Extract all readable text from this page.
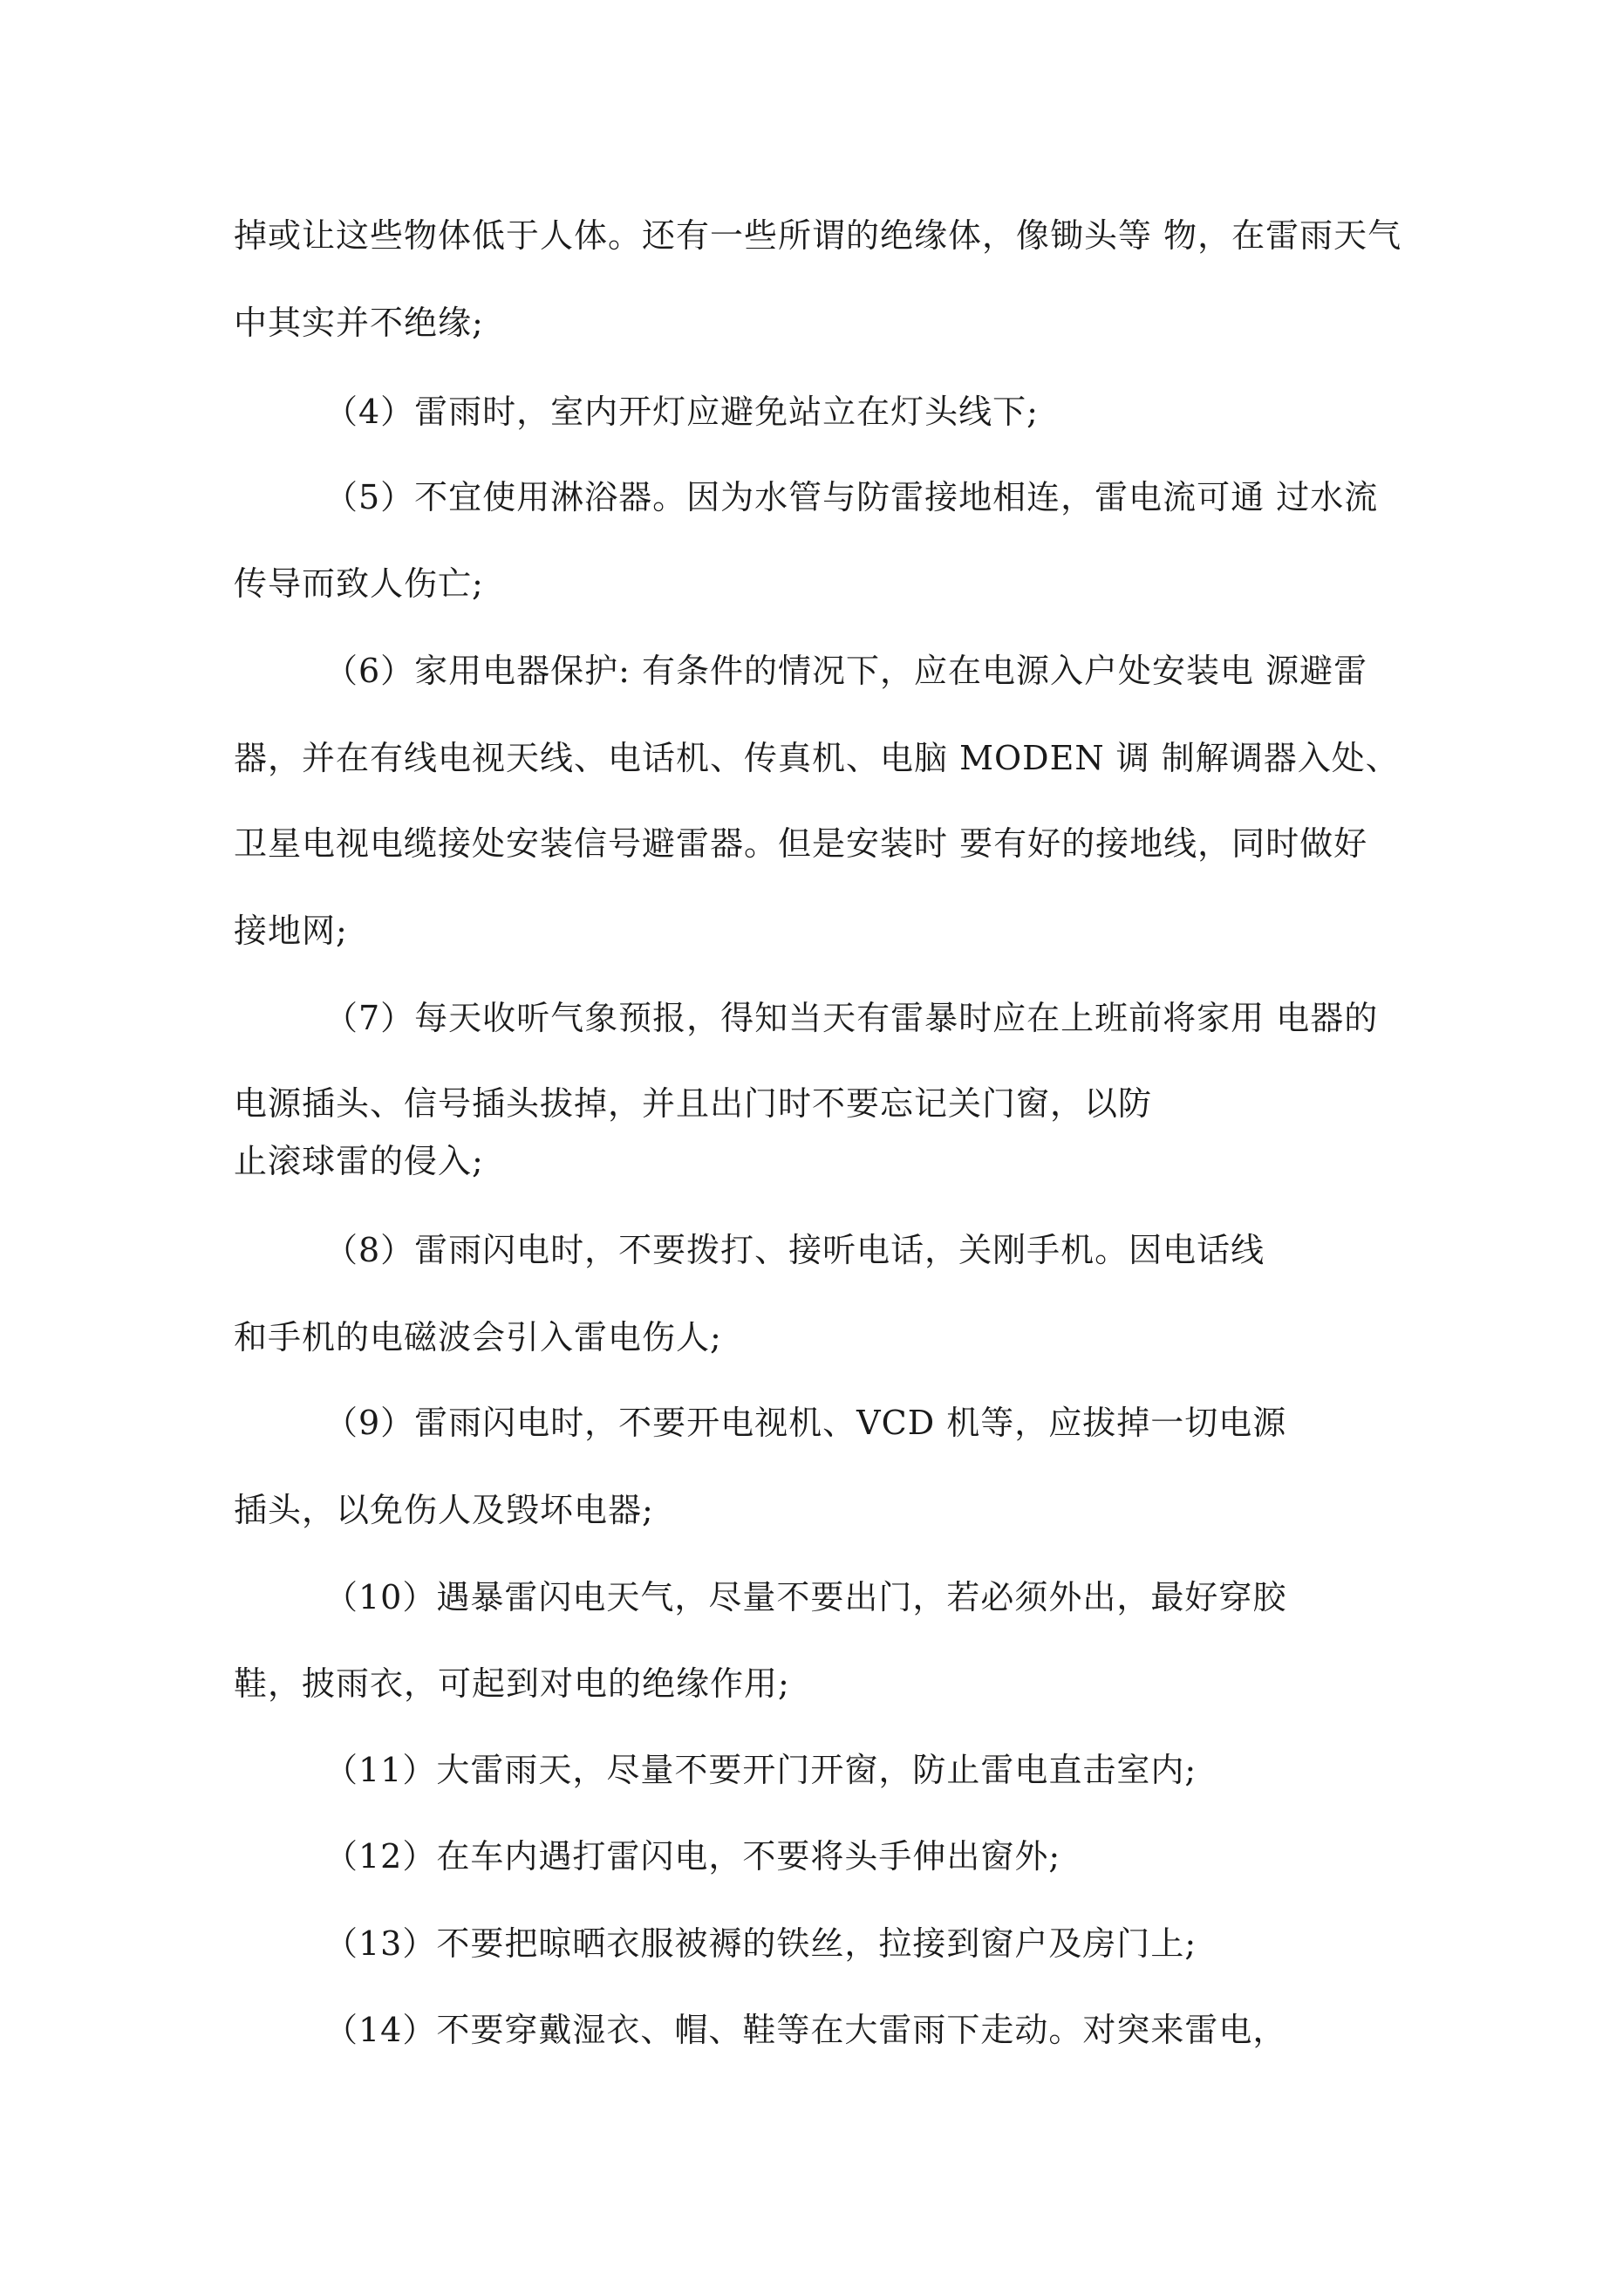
掉或让这些物体低于人体。还有一些所谓的绝缘体，像锄头等 物，在雷雨天气
中其实并不绝缘;
（4）雷雨时，室内开灯应避免站立在灯头线下;
（5）不宜使用淋浴器。因为水管与防雷接地相连，雷电流可通 过水流
传导而致人伤亡;
（6）家用电器保护: 有条件的情况下，应在电源入户处安装电 源避雷
器，并在有线电视天线、电话机、传真机、电脑 MODEN 调 制解调器入处、
卫星电视电缆接处安装信号避雷器。但是安装时 要有好的接地线，同时做好
接地网;
（7）每天收听气象预报，得知当天有雷暴时应在上班前将家用 电器的
电源插头、信号插头拔掉，并且出门时不要忘记关门窗，以防
止滚球雷的侵入;
（8）雷雨闪电时，不要拨打、接听电话，关刚手机。因电话线
和手机的电磁波会引入雷电伤人;
（9）雷雨闪电时，不要开电视机、VCD 机等，应拔掉一切电源
插头，以免伤人及毁坏电器;
（10）遇暴雷闪电天气，尽量不要出门，若必须外出，最好穿胶
鞋，披雨衣，可起到对电的绝缘作用;
（11）大雷雨天，尽量不要开门开窗，防止雷电直击室内;
（12）在车内遇打雷闪电，不要将头手伸出窗外;
（13）不要把晾晒衣服被褥的铁丝，拉接到窗户及房门上;
（14）不要穿戴湿衣、帽、鞋等在大雷雨下走动。对突来雷电，
